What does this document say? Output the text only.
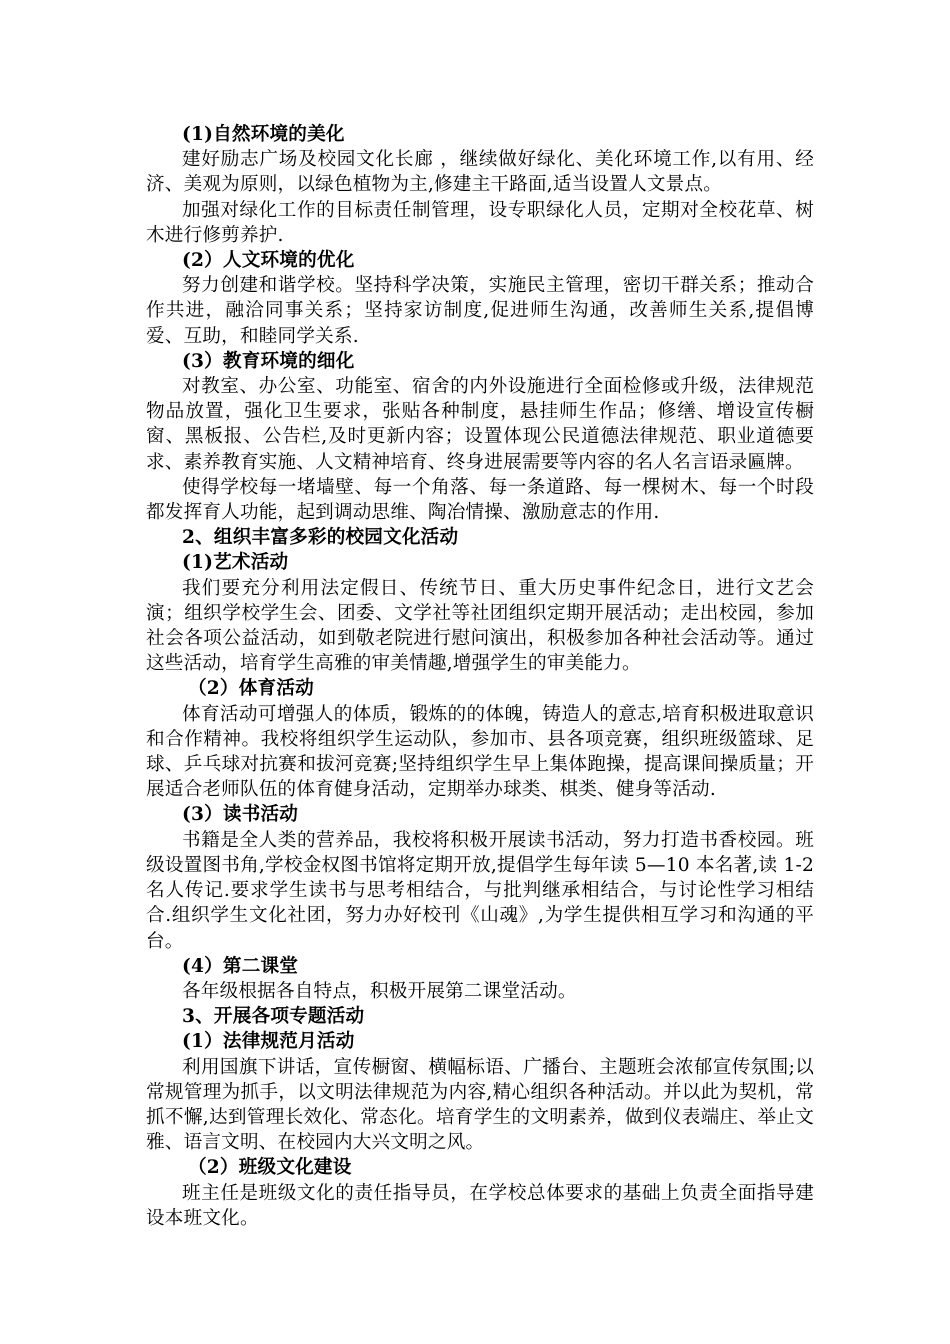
(1)自然环境的美化
建好励志广场及校园文化长廊 ，继续做好绿化、美化环境工作,以有用、经济、美观为原则，以绿色植物为主,修建主干路面,适当设置人文景点。
加强对绿化工作的目标责任制管理，设专职绿化人员，定期对全校花草、树木进行修剪养护.
(2）人文环境的优化
努力创建和谐学校。坚持科学决策，实施民主管理，密切干群关系；推动合作共进，融洽同事关系；坚持家访制度,促进师生沟通，改善师生关系,提倡博爱、互助，和睦同学关系.
(3）教育环境的细化
对教室、办公室、功能室、宿舍的内外设施进行全面检修或升级，法律规范物品放置，强化卫生要求，张贴各种制度，悬挂师生作品；修缮、增设宣传橱窗、黑板报、公告栏,及时更新内容；设置体现公民道德法律规范、职业道德要求、素养教育实施、人文精神培育、终身进展需要等内容的名人名言语录匾牌。
使得学校每一堵墙壁、每一个角落、每一条道路、每一棵树木、每一个时段都发挥育人功能，起到调动思维、陶冶情操、激励意志的作用.
2、组织丰富多彩的校园文化活动
(1)艺术活动
我们要充分利用法定假日、传统节日、重大历史事件纪念日，进行文艺会演；组织学校学生会、团委、文学社等社团组织定期开展活动；走出校园，参加社会各项公益活动，如到敬老院进行慰问演出，积极参加各种社会活动等。通过这些活动，培育学生高雅的审美情趣,增强学生的审美能力。
（2）体育活动
体育活动可增强人的体质，锻炼的的体魄，铸造人的意志,培育积极进取意识和合作精神。我校将组织学生运动队，参加市、县各项竞赛，组织班级篮球、足球、乒乓球对抗赛和拔河竞赛;坚持组织学生早上集体跑操，提高课间操质量；开展适合老师队伍的体育健身活动，定期举办球类、棋类、健身等活动.
(3）读书活动
书籍是全人类的营养品，我校将积极开展读书活动，努力打造书香校园。班级设置图书角,学校金权图书馆将定期开放,提倡学生每年读 5—10 本名著,读 1-2 名人传记.要求学生读书与思考相结合，与批判继承相结合，与讨论性学习相结合.组织学生文化社团，努力办好校刊《山魂》,为学生提供相互学习和沟通的平台。
(4）第二课堂
各年级根据各自特点，积极开展第二课堂活动。
3、开展各项专题活动
(1）法律规范月活动
利用国旗下讲话，宣传橱窗、横幅标语、广播台、主题班会浓郁宣传氛围;以常规管理为抓手，以文明法律规范为内容,精心组织各种活动。并以此为契机，常抓不懈,达到管理长效化、常态化。培育学生的文明素养，做到仪表端庄、举止文雅、语言文明、在校园内大兴文明之风。
（2）班级文化建设
班主任是班级文化的责任指导员，在学校总体要求的基础上负责全面指导建设本班文化。
